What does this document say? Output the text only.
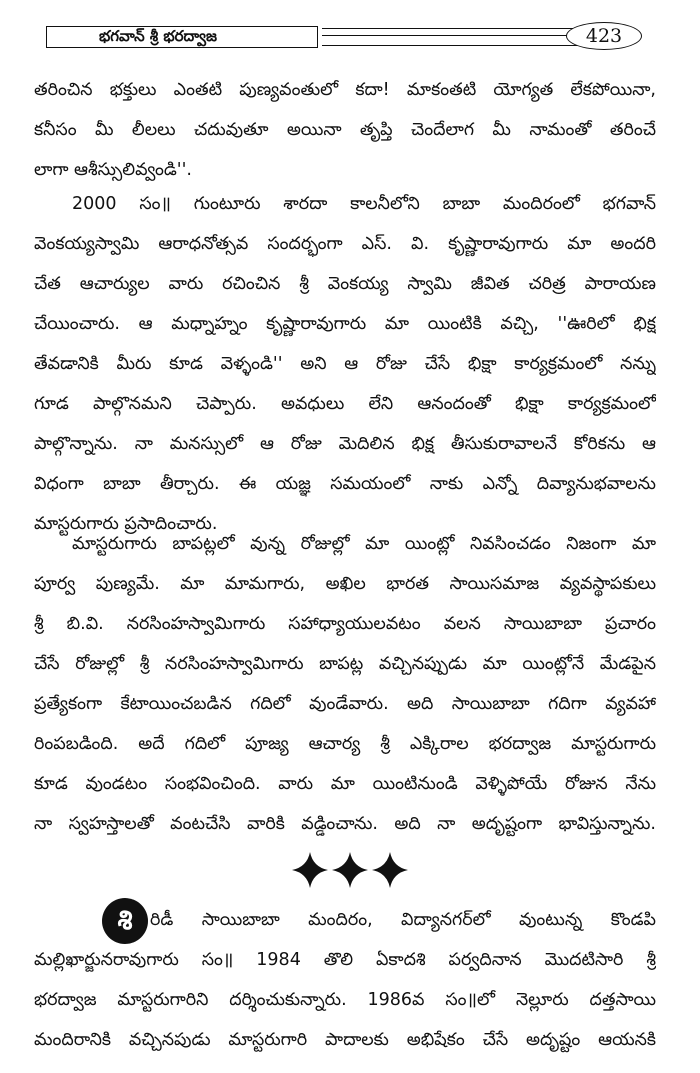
భగవాన్ శ్రీ భరద్వాజ	423
తరించిన భక్తులు ఎంతటి పుణ్యవంతులో కదా! మాకంతటి యోగ్యత లేకపోయినా,
కనీసం మీ లీలలు చదువుతూ అయినా తృప్తి చెందేలాగ మీ నామంతో తరించే
లాగా ఆశీస్సులివ్వండి''.
2000 సం॥ గుంటూరు శారదా కాలనీలోని బాబా మందిరంలో భగవాన్
వెంకయ్యస్వామి ఆరాధనోత్సవ సందర్భంగా ఎస్. వి. కృష్ణారావుగారు మా అందరి
చేత ఆచార్యుల వారు రచించిన శ్రీ వెంకయ్య స్వామి జీవిత చరిత్ర పారాయణ
చేయించారు. ఆ మధ్నాహ్నం కృష్ణారావుగారు మా యింటికి వచ్చి, ''ఊరిలో భిక్ష
తేవడానికి మీరు కూడ వెళ్ళండి'' అని ఆ రోజు చేసే భిక్షా కార్యక్రమంలో నన్ను
గూడ పాల్గొనమని చెప్పారు. అవధులు లేని ఆనందంతో భిక్షా కార్యక్రమంలో
పాల్గొన్నాను. నా మనస్సులో ఆ రోజు మెదిలిన భిక్ష తీసుకురావాలనే కోరికను ఆ
విధంగా బాబా తీర్చారు. ఈ యజ్ఞ సమయంలో నాకు ఎన్నో దివ్యానుభవాలను
మాస్టరుగారు ప్రసాదించారు.
మాస్టరుగారు బాపట్లలో వున్న రోజుల్లో మా యింట్లో నివసించడం నిజంగా మా
పూర్వ పుణ్యమే. మా మామగారు, అఖిల భారత సాయిసమాజ వ్యవస్థాపకులు
శ్రీ బి.వి. నరసింహస్వామిగారు సహాధ్యాయులవటం వలన సాయిబాబా ప్రచారం
చేసే రోజుల్లో శ్రీ నరసింహస్వామిగారు బాపట్ల వచ్చినప్పుడు మా యింట్లోనే మేడపైన
ప్రత్యేకంగా కేటాయించబడిన గదిలో వుండేవారు. అది సాయిబాబా గదిగా వ్యవహా
రింపబడింది. అదే గదిలో పూజ్య ఆచార్య శ్రీ ఎక్కిరాల భరద్వాజ మాస్టరుగారు
కూడ వుండటం సంభవించింది. వారు మా యింటినుండి వెళ్ళిపోయే రోజున నేను
నా స్వహస్తాలతో వంటచేసి వారికి వడ్డించాను. అది నా అదృష్టంగా భావిస్తున్నాను.
శి	రిడీ సాయిబాబా మందిరం, విద్యానగర్‌లో వుంటున్న కొండపి
మల్లిఖార్జునరావుగారు సం॥ 1984 తొలి ఏకాదశి పర్వదినాన మొదటిసారి శ్రీ
భరద్వాజ మాస్టరుగారిని దర్శించుకున్నారు. 1986వ సం॥లో నెల్లూరు దత్తసాయి
మందిరానికి వచ్చినపుడు మాస్టరుగారి పాదాలకు అభిషేకం చేసే అదృష్టం ఆయనకి
